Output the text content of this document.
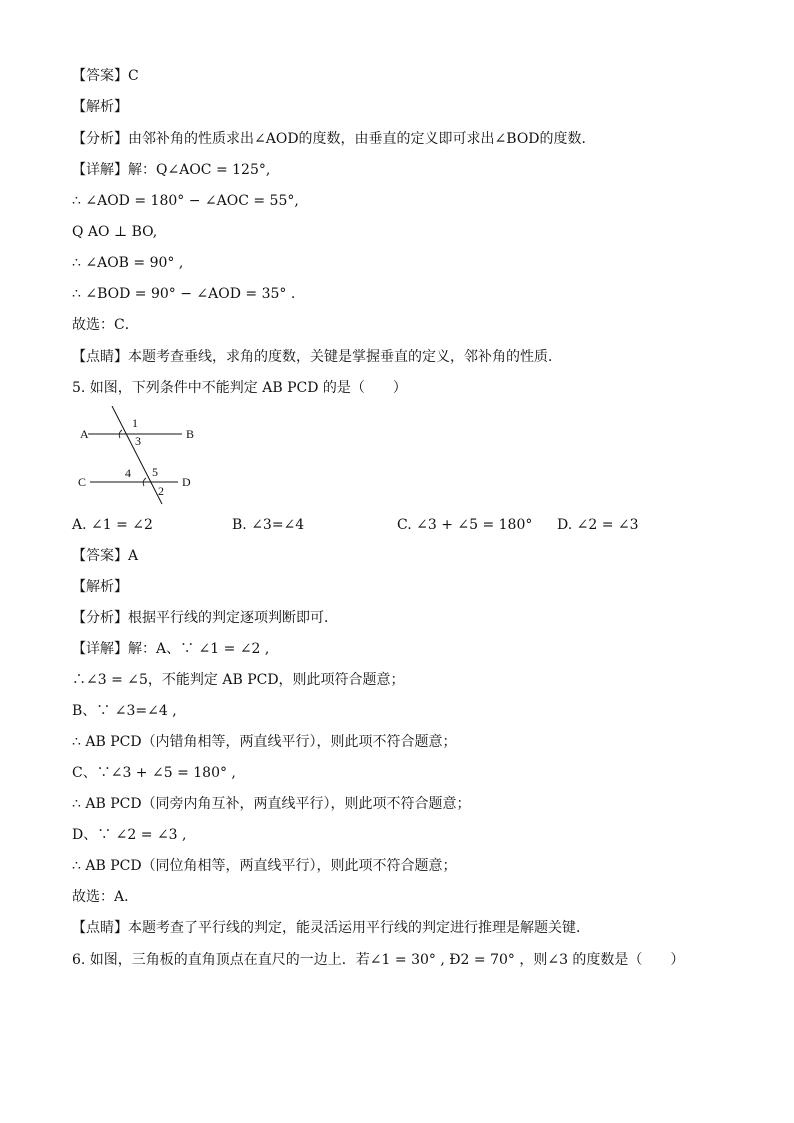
【答案】C
【解析】
【分析】由邻补角的性质求出∠AOD的度数，由垂直的定义即可求出∠BOD的度数．
【详解】解：Q∠AOC = 125°,
∴ ∠AOD = 180° − ∠AOC = 55°,
Q AO ⊥ BO,
∴ ∠AOB = 90° ,
∴ ∠BOD = 90° − ∠AOD = 35° .
故选：C．
【点睛】本题考查垂线，求角的度数，关键是掌握垂直的定义，邻补角的性质．
5. 如图，下列条件中不能判定 AB PCD 的是（　　）
A	B
C	D
1
3
4 5
2
A. ∠1 = ∠2	B. ∠3=∠4	C. ∠3 + ∠5 = 180° D. ∠2 = ∠3
【答案】A
【解析】
【分析】根据平行线的判定逐项判断即可．
【详解】解：A、∵ ∠1 = ∠2 ,
∴∠3 = ∠5，不能判定 AB PCD，则此项符合题意；
B、∵ ∠3=∠4 ,
∴ AB PCD（内错角相等，两直线平行），则此项不符合题意；
C、∵∠3 + ∠5 = 180° ,
∴ AB PCD（同旁内角互补，两直线平行），则此项不符合题意；
D、∵ ∠2 = ∠3 ,
∴ AB PCD（同位角相等，两直线平行），则此项不符合题意；
故选：A．
【点睛】本题考查了平行线的判定，能灵活运用平行线的判定进行推理是解题关键．
6. 如图，三角板的直角顶点在直尺的一边上．若∠1 = 30° , Ð2 = 70° ，则∠3 的度数是（　　）
